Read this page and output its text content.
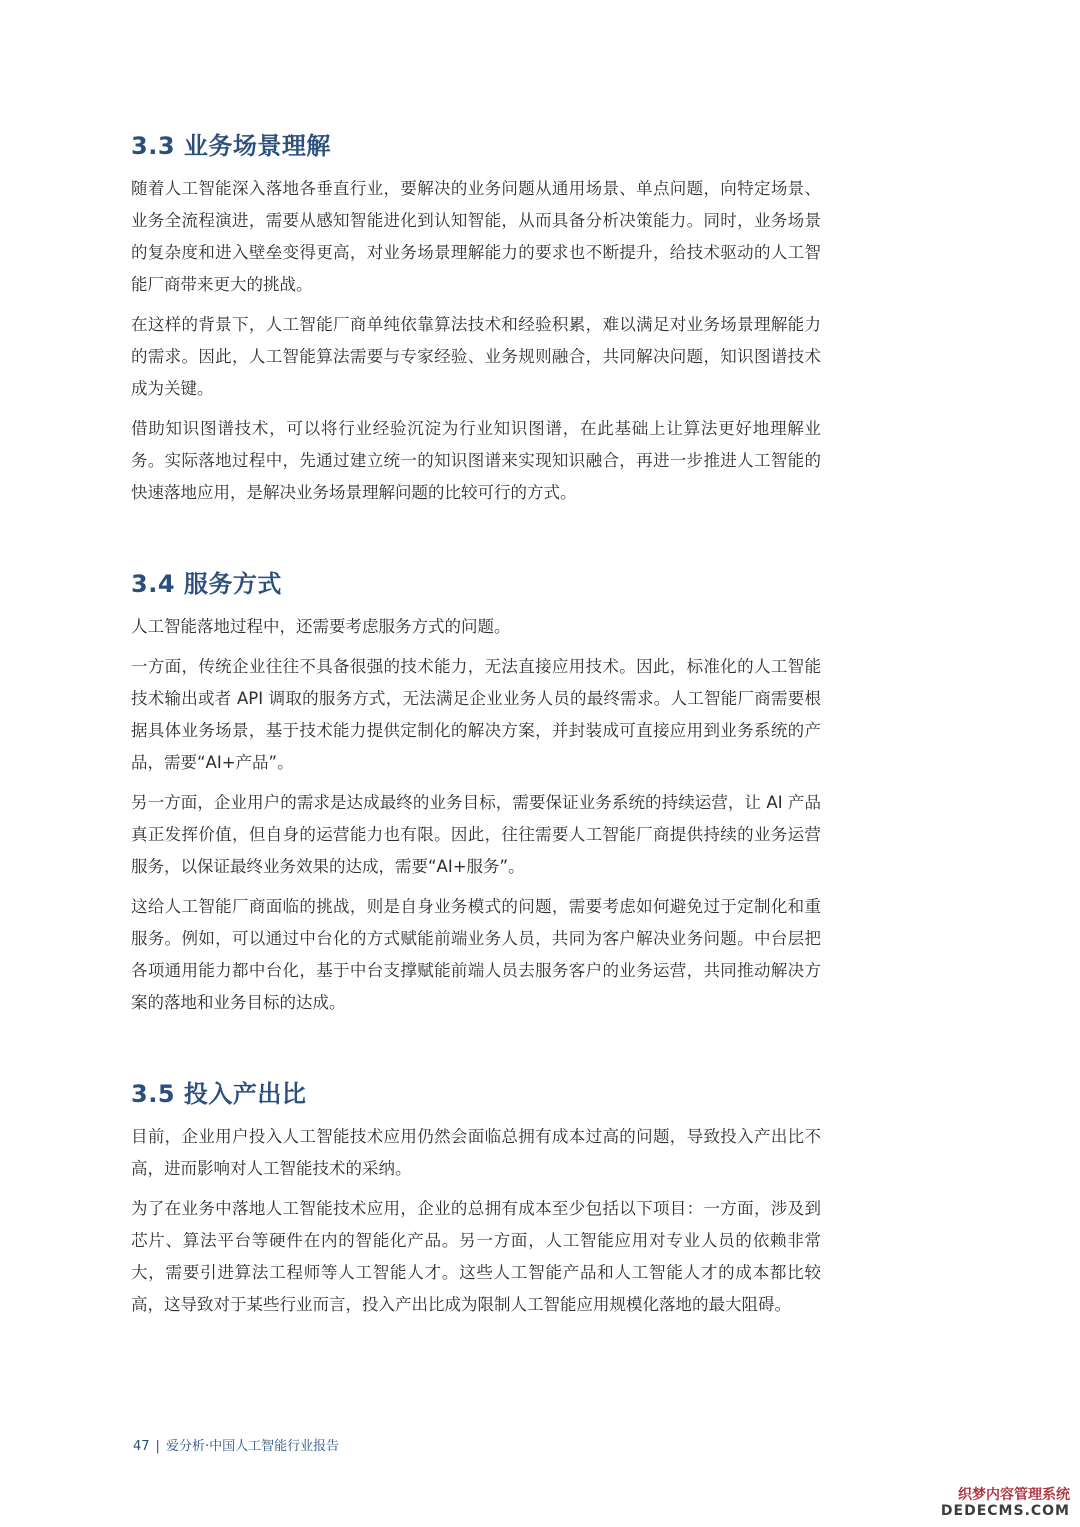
3.3 业务场景理解

随着人工智能深入落地各垂直行业，要解决的业务问题从通用场景、单点问题，向特定场景、业务全流程演进，需要从感知智能进化到认知智能，从而具备分析决策能力。同时，业务场景的复杂度和进入壁垒变得更高，对业务场景理解能力的要求也不断提升，给技术驱动的人工智能厂商带来更大的挑战。

在这样的背景下，人工智能厂商单纯依靠算法技术和经验积累，难以满足对业务场景理解能力的需求。因此，人工智能算法需要与专家经验、业务规则融合，共同解决问题，知识图谱技术成为关键。

借助知识图谱技术，可以将行业经验沉淀为行业知识图谱，在此基础上让算法更好地理解业务。实际落地过程中，先通过建立统一的知识图谱来实现知识融合，再进一步推进人工智能的快速落地应用，是解决业务场景理解问题的比较可行的方式。

3.4 服务方式

人工智能落地过程中，还需要考虑服务方式的问题。

一方面，传统企业往往不具备很强的技术能力，无法直接应用技术。因此，标准化的人工智能技术输出或者 API 调取的服务方式，无法满足企业业务人员的最终需求。人工智能厂商需要根据具体业务场景，基于技术能力提供定制化的解决方案，并封装成可直接应用到业务系统的产品，需要“AI+产品”。

另一方面，企业用户的需求是达成最终的业务目标，需要保证业务系统的持续运营，让 AI 产品真正发挥价值，但自身的运营能力也有限。因此，往往需要人工智能厂商提供持续的业务运营服务，以保证最终业务效果的达成，需要“AI+服务”。

这给人工智能厂商面临的挑战，则是自身业务模式的问题，需要考虑如何避免过于定制化和重服务。例如，可以通过中台化的方式赋能前端业务人员，共同为客户解决业务问题。中台层把各项通用能力都中台化，基于中台支撑赋能前端人员去服务客户的业务运营，共同推动解决方案的落地和业务目标的达成。

3.5 投入产出比

目前，企业用户投入人工智能技术应用仍然会面临总拥有成本过高的问题，导致投入产出比不高，进而影响对人工智能技术的采纳。

为了在业务中落地人工智能技术应用，企业的总拥有成本至少包括以下项目：一方面，涉及到芯片、算法平台等硬件在内的智能化产品。另一方面，人工智能应用对专业人员的依赖非常大，需要引进算法工程师等人工智能人才。这些人工智能产品和人工智能人才的成本都比较高，这导致对于某些行业而言，投入产出比成为限制人工智能应用规模化落地的最大阻碍。

47 | 爱分析·中国人工智能行业报告
织梦内容管理系统
DEDECMS.COM
